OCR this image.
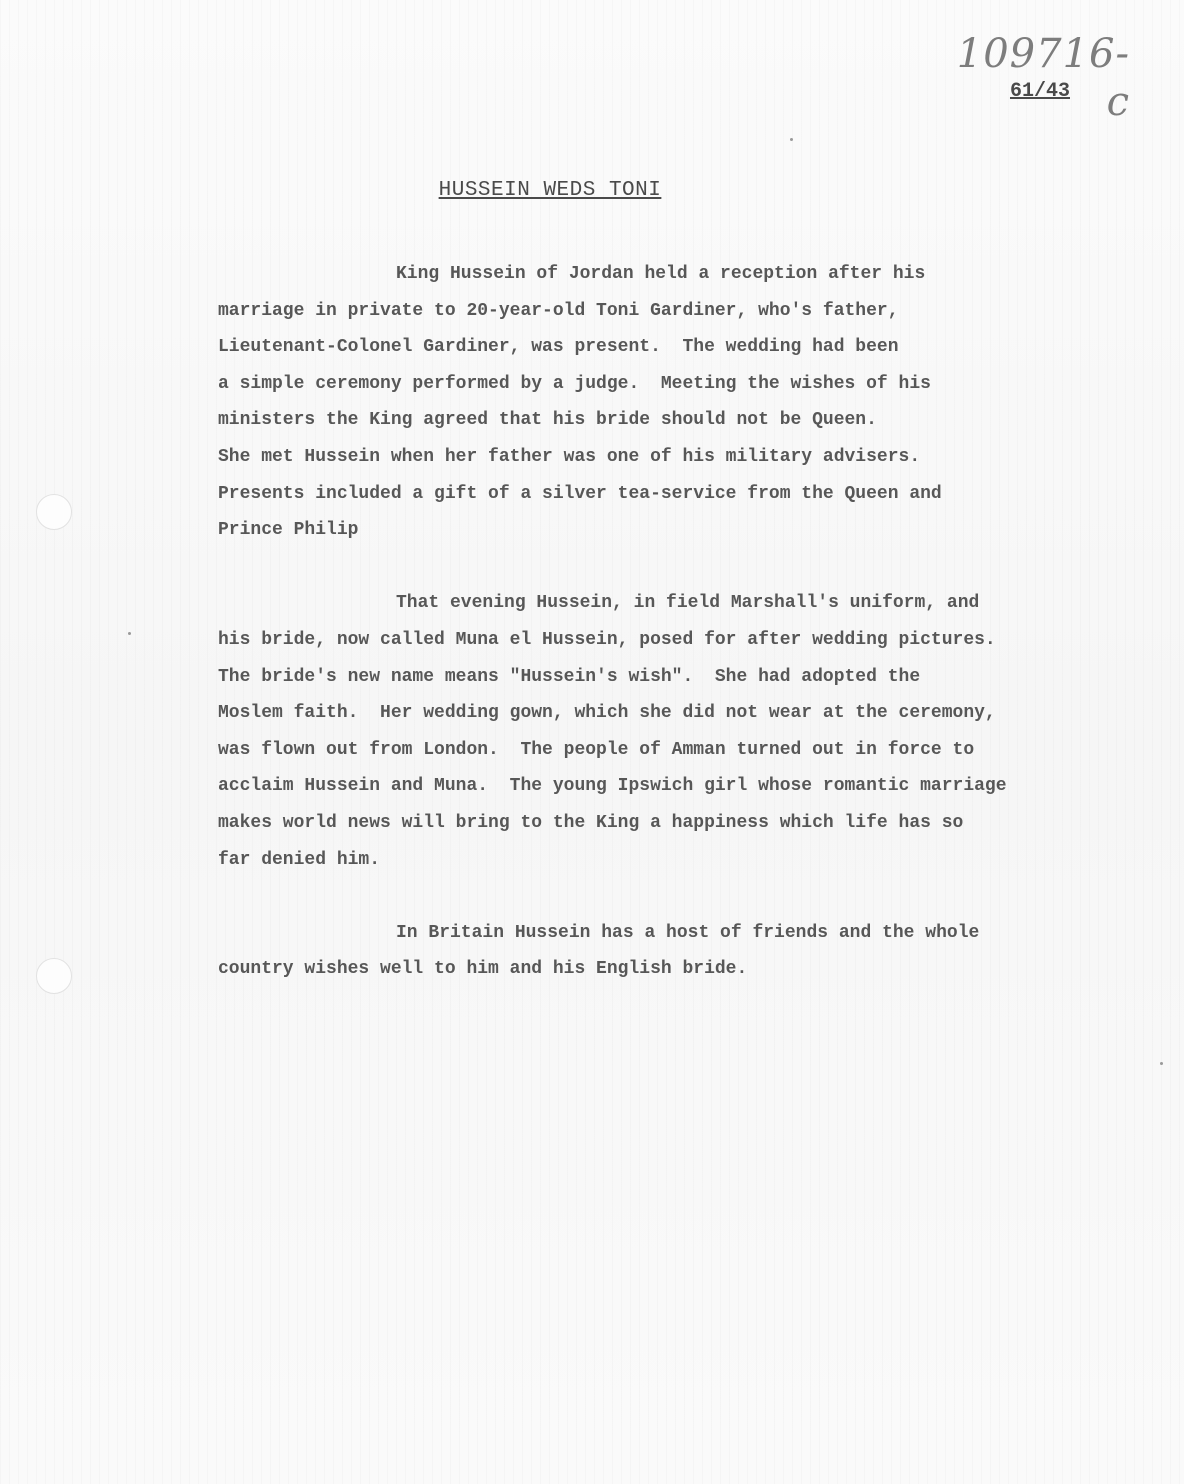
109716-c
61/43
HUSSEIN WEDS TONI

King Hussein of Jordan held a reception after his
marriage in private to 20-year-old Toni Gardiner, who's father,
Lieutenant-Colonel Gardiner, was present.  The wedding had been
a simple ceremony performed by a judge.  Meeting the wishes of his
ministers the King agreed that his bride should not be Queen.
She met Hussein when her father was one of his military advisers.
Presents included a gift of a silver tea-service from the Queen and
Prince Philip

That evening Hussein, in field Marshall's uniform, and
his bride, now called Muna el Hussein, posed for after wedding pictures.
The bride's new name means "Hussein's wish".  She had adopted the
Moslem faith.  Her wedding gown, which she did not wear at the ceremony,
was flown out from London.  The people of Amman turned out in force to
acclaim Hussein and Muna.  The young Ipswich girl whose romantic marriage
makes world news will bring to the King a happiness which life has so
far denied him.

In Britain Hussein has a host of friends and the whole
country wishes well to him and his English bride.
